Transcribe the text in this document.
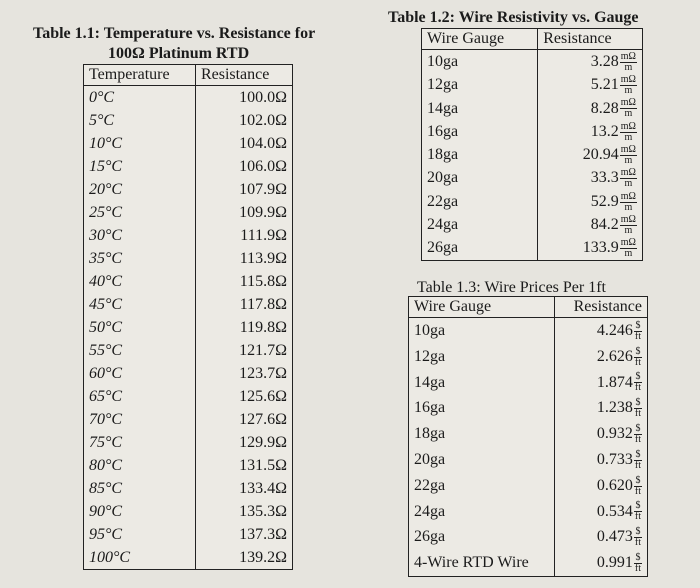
Table 1.1: Temperature vs. Resistance for
100Ω Platinum RTD
Temperature	Resistance
0°C	100.0Ω
5°C	102.0Ω
10°C	104.0Ω
15°C	106.0Ω
20°C	107.9Ω
25°C	109.9Ω
30°C	111.9Ω
35°C	113.9Ω
40°C	115.8Ω
45°C	117.8Ω
50°C	119.8Ω
55°C	121.7Ω
60°C	123.7Ω
65°C	125.6Ω
70°C	127.6Ω
75°C	129.9Ω
80°C	131.5Ω
85°C	133.4Ω
90°C	135.3Ω
95°C	137.3Ω
100°C	139.2Ω
Table 1.2: Wire Resistivity vs. Gauge
Wire Gauge	Resistance
10ga	$3.28 \frac{m\Omega}{m}$

12ga	$5.21 \frac{m\Omega}{m}$

14ga	$8.28 \frac{m\Omega}{m}$

16ga	$13.2 \frac{m\Omega}{m}$

18ga	$20.94 \frac{m\Omega}{m}$

20ga	$33.3 \frac{m\Omega}{m}$

22ga	$52.9 \frac{m\Omega}{m}$

24ga	$84.2 \frac{m\Omega}{m}$

26ga	$133.9 \frac{m\Omega}{m}$
Table 1.3: Wire Prices Per 1ft
Wire Gauge	Resistance
10ga	$4.246 \frac{\$}{ft}$

12ga	$2.626 \frac{\$}{ft}$

14ga	$1.874 \frac{\$}{ft}$

16ga	$1.238 \frac{\$}{ft}$

18ga	$0.932 \frac{\$}{ft}$

20ga	$0.733 \frac{\$}{ft}$

22ga	$0.620 \frac{\$}{ft}$

24ga	$0.534 \frac{\$}{ft}$

26ga	$0.473 \frac{\$}{ft}$

4-Wire RTD Wire	$0.991 \frac{\$}{ft}$
